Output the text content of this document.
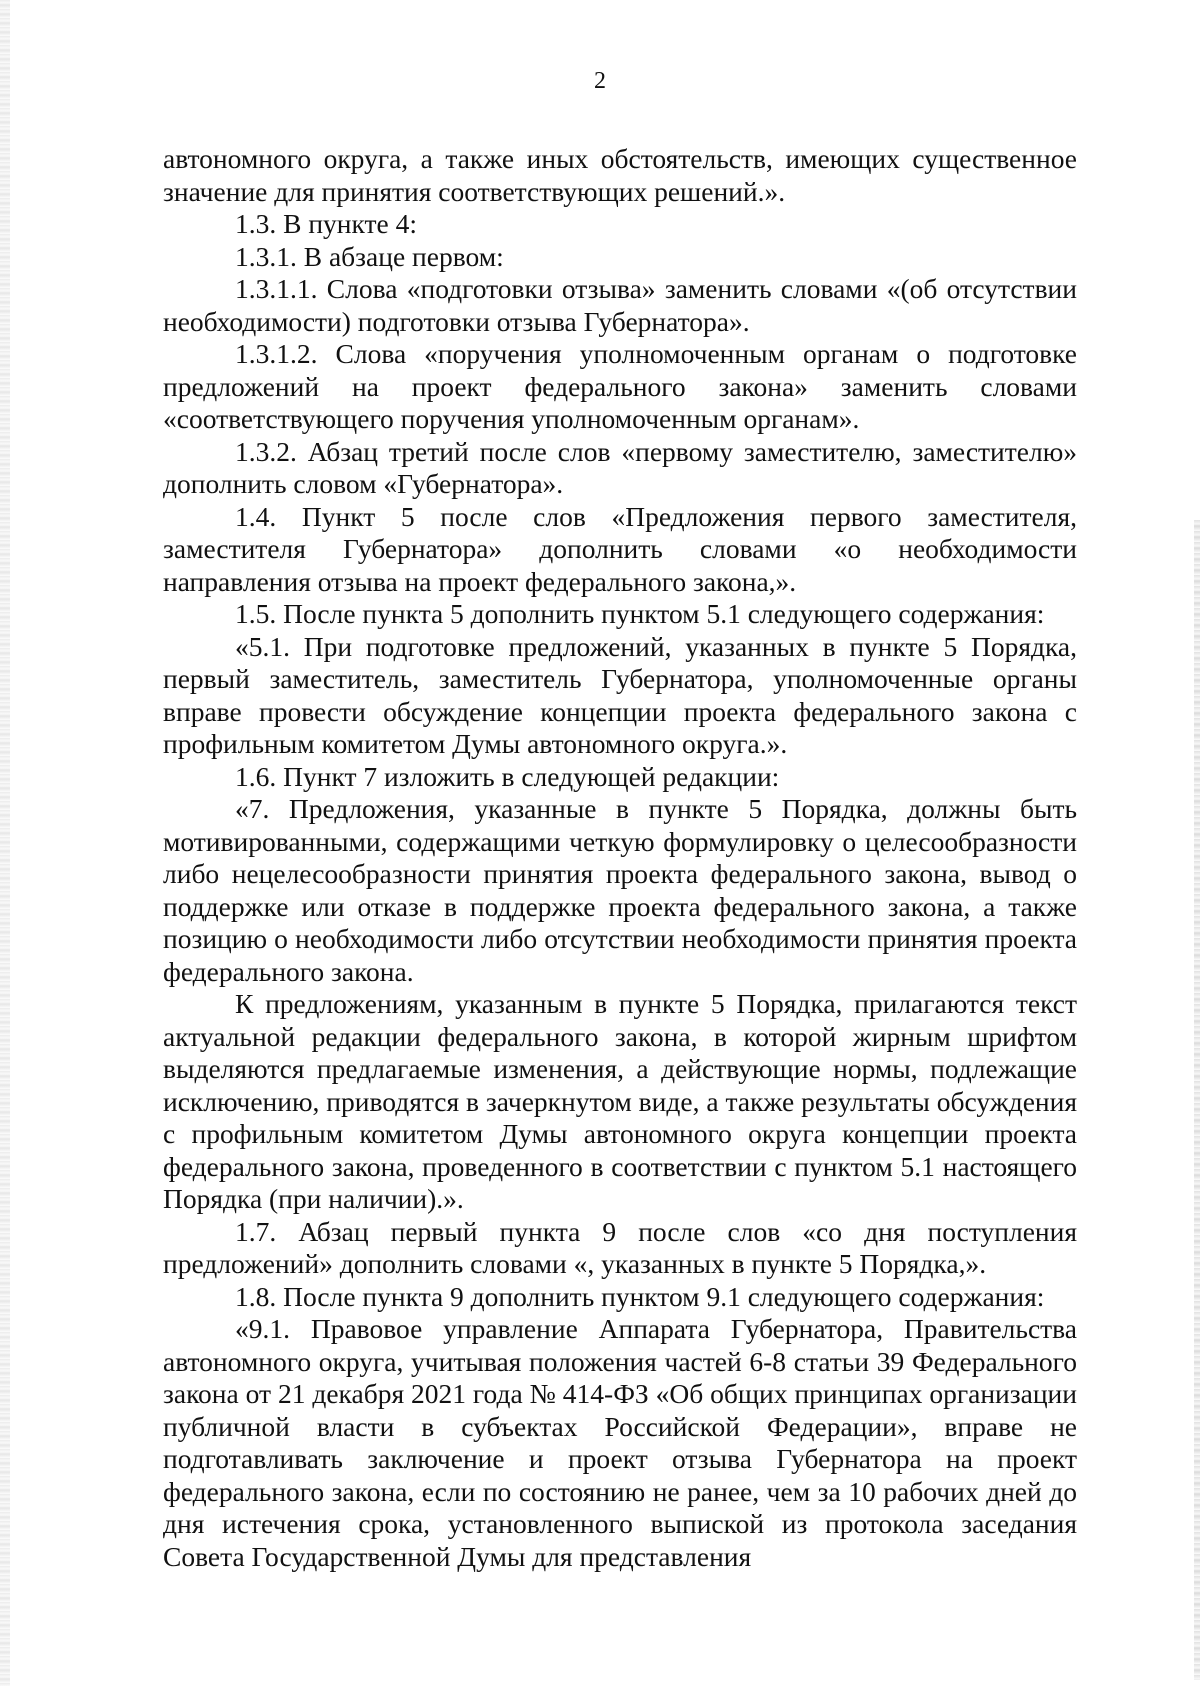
2

автономного округа, а также иных обстоятельств, имеющих существенное значение для принятия соответствующих решений.».

1.3. В пункте 4:

1.3.1. В абзаце первом:

1.3.1.1. Слова «подготовки отзыва» заменить словами «(об отсутствии необходимости) подготовки отзыва Губернатора».

1.3.1.2. Слова «поручения уполномоченным органам о подготовке предложений на проект федерального закона» заменить словами «соответствующего поручения уполномоченным органам».

1.3.2. Абзац третий после слов «первому заместителю, заместителю» дополнить словом «Губернатора».

1.4. Пункт 5 после слов «Предложения первого заместителя, заместителя Губернатора» дополнить словами «о необходимости направления отзыва на проект федерального закона,».

1.5. После пункта 5 дополнить пунктом 5.1 следующего содержания:

«5.1. При подготовке предложений, указанных в пункте 5 Порядка, первый заместитель, заместитель Губернатора, уполномоченные органы вправе провести обсуждение концепции проекта федерального закона с профильным комитетом Думы автономного округа.».

1.6. Пункт 7 изложить в следующей редакции:

«7. Предложения, указанные в пункте 5 Порядка, должны быть мотивированными, содержащими четкую формулировку о целесообразности либо нецелесообразности принятия проекта федерального закона, вывод о поддержке или отказе в поддержке проекта федерального закона, а также позицию о необходимости либо отсутствии необходимости принятия проекта федерального закона.

К предложениям, указанным в пункте 5 Порядка, прилагаются текст актуальной редакции федерального закона, в которой жирным шрифтом выделяются предлагаемые изменения, а действующие нормы, подлежащие исключению, приводятся в зачеркнутом виде, а также результаты обсуждения с профильным комитетом Думы автономного округа концепции проекта федерального закона, проведенного в соответствии с пунктом 5.1 настоящего Порядка (при наличии).».

1.7. Абзац первый пункта 9 после слов «со дня поступления предложений» дополнить словами «, указанных в пункте 5 Порядка,».

1.8. После пункта 9 дополнить пунктом 9.1 следующего содержания:

«9.1. Правовое управление Аппарата Губернатора, Правительства автономного округа, учитывая положения частей 6-8 статьи 39 Федерального закона от 21 декабря 2021 года № 414-ФЗ «Об общих принципах организации публичной власти в субъектах Российской Федерации», вправе не подготавливать заключение и проект отзыва Губернатора на проект федерального закона, если по состоянию не ранее, чем за 10 рабочих дней до дня истечения срока, установленного выпиской из протокола заседания Совета Государственной Думы для представления
